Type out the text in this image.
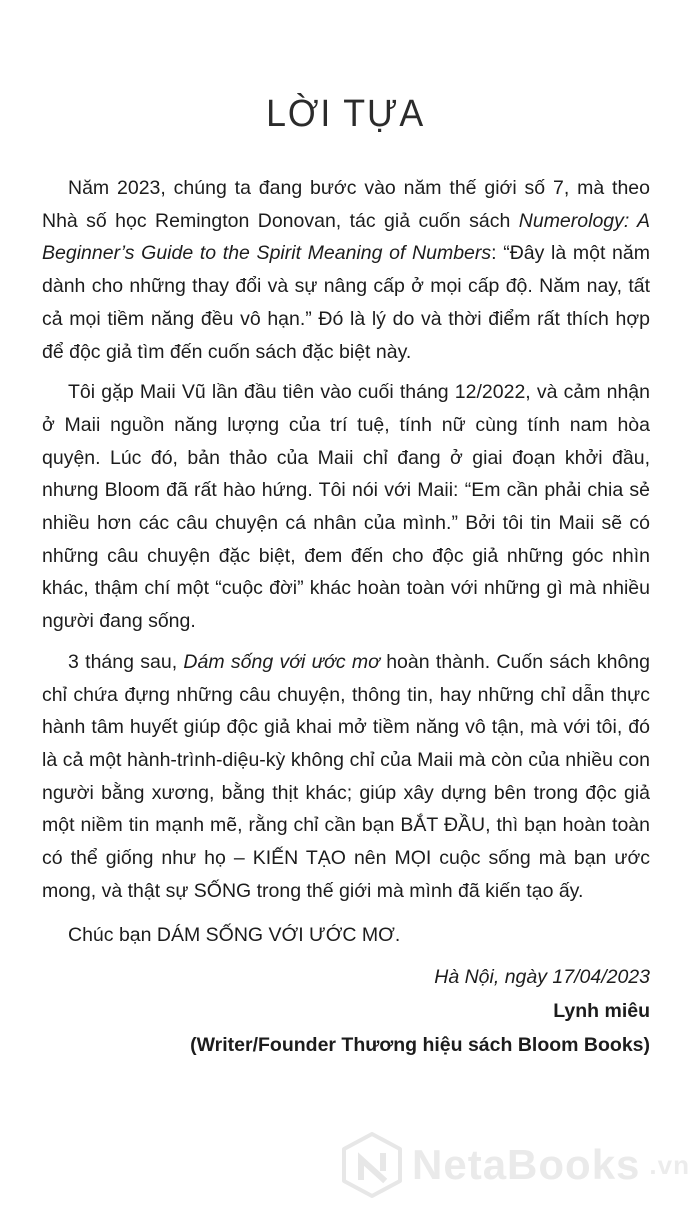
LỜI TỰA

Năm 2023, chúng ta đang bước vào năm thế giới số 7, mà theo Nhà số học Remington Donovan, tác giả cuốn sách Numerology: A Beginner’s Guide to the Spirit Meaning of Numbers: “Đây là một năm dành cho những thay đổi và sự nâng cấp ở mọi cấp độ. Năm nay, tất cả mọi tiềm năng đều vô hạn.” Đó là lý do và thời điểm rất thích hợp để độc giả tìm đến cuốn sách đặc biệt này.

Tôi gặp Maii Vũ lần đầu tiên vào cuối tháng 12/2022, và cảm nhận ở Maii nguồn năng lượng của trí tuệ, tính nữ cùng tính nam hòa quyện. Lúc đó, bản thảo của Maii chỉ đang ở giai đoạn khởi đầu, nhưng Bloom đã rất hào hứng. Tôi nói với Maii: “Em cần phải chia sẻ nhiều hơn các câu chuyện cá nhân của mình.” Bởi tôi tin Maii sẽ có những câu chuyện đặc biệt, đem đến cho độc giả những góc nhìn khác, thậm chí một “cuộc đời” khác hoàn toàn với những gì mà nhiều người đang sống.

3 tháng sau, Dám sống với ước mơ hoàn thành. Cuốn sách không chỉ chứa đựng những câu chuyện, thông tin, hay những chỉ dẫn thực hành tâm huyết giúp độc giả khai mở tiềm năng vô tận, mà với tôi, đó là cả một hành-trình-diệu-kỳ không chỉ của Maii mà còn của nhiều con người bằng xương, bằng thịt khác; giúp xây dựng bên trong độc giả một niềm tin mạnh mẽ, rằng chỉ cần bạn BẮT ĐẦU, thì bạn hoàn toàn có thể giống như họ – KIẾN TẠO nên MỌI cuộc sống mà bạn ước mong, và thật sự SỐNG trong thế giới mà mình đã kiến tạo ấy.

Chúc bạn DÁM SỐNG VỚI ƯỚC MƠ.

Hà Nội, ngày 17/04/2023
Lynh miêu
(Writer/Founder Thương hiệu sách Bloom Books)
NetaBooks .vn
